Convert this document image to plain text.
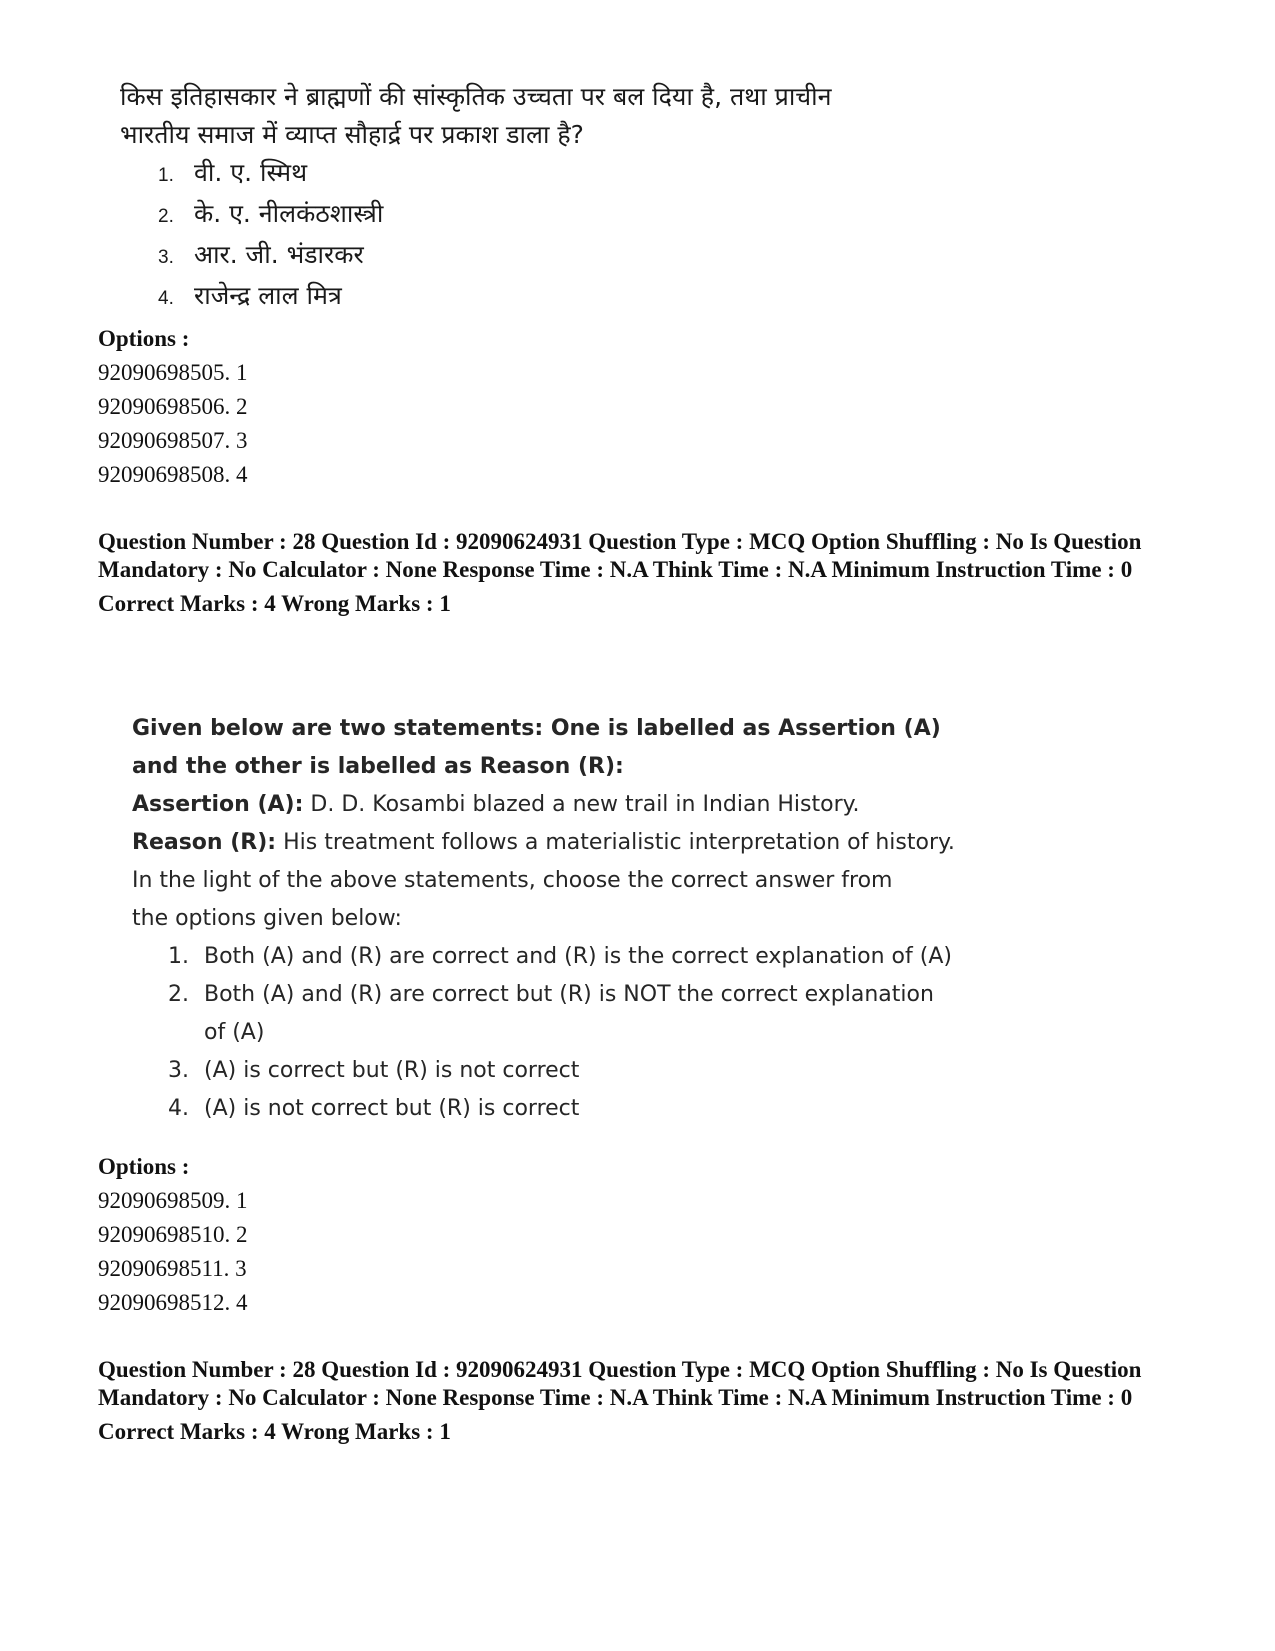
किस इतिहासकार ने ब्राह्मणों की सांस्कृतिक उच्चता पर बल दिया है, तथा प्राचीन भारतीय समाज में व्याप्त सौहार्द्र पर प्रकाश डाला है?

1. वी. ए. स्मिथ
2. के. ए. नीलकंठशास्त्री
3. आर. जी. भंडारकर
4. राजेन्द्र लाल मित्र
Options :
92090698505. 1
92090698506. 2
92090698507. 3
92090698508. 4
Question Number : 28 Question Id : 92090624931 Question Type : MCQ Option Shuffling : No Is Question Mandatory : No Calculator : None Response Time : N.A Think Time : N.A Minimum Instruction Time : 0
Correct Marks : 4 Wrong Marks : 1

Given below are two statements: One is labelled as Assertion (A) and the other is labelled as Reason (R):

Assertion (A): D. D. Kosambi blazed a new trail in Indian History.

Reason (R): His treatment follows a materialistic interpretation of history.

In the light of the above statements, choose the correct answer from the options given below:

1. Both (A) and (R) are correct and (R) is the correct explanation of (A)
2. Both (A) and (R) are correct but (R) is NOT the correct explanation of (A)
3. (A) is correct but (R) is not correct
4. (A) is not correct but (R) is correct
Options :
92090698509. 1
92090698510. 2
92090698511. 3
92090698512. 4
Question Number : 28 Question Id : 92090624931 Question Type : MCQ Option Shuffling : No Is Question Mandatory : No Calculator : None Response Time : N.A Think Time : N.A Minimum Instruction Time : 0
Correct Marks : 4 Wrong Marks : 1
